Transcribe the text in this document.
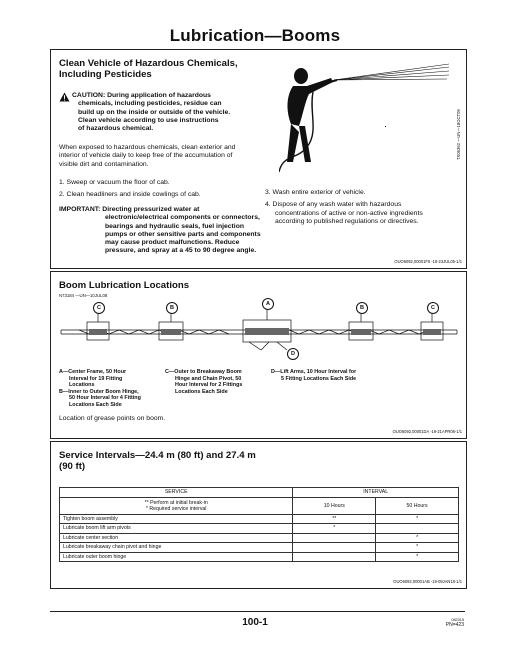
Lubrication—Booms
Clean Vehicle of Hazardous Chemicals,
Including Pesticides
CAUTION: During application of hazardous
chemicals, including pesticides, residue can
build up on the inside or outside of the vehicle.
Clean vehicle according to use instructions
of hazardous chemical.
When exposed to hazardous chemicals, clean exterior and
interior of vehicle daily to keep free of the accumulation of
visible dirt and contamination.
TX06362 —UN—18OCT09
1. Sweep or vacuum the floor of cab.
2. Clean headliners and inside cowlings of cab.
IMPORTANT: Directing pressurized water at
electronic/electrical components or connectors,
bearings and hydraulic seals, fuel injection
pumps or other sensitive parts and components
may cause product malfunctions. Reduce
pressure, and spray at a 45 to 90 degree angle.
3. Wash entire exterior of vehicle.
4. Dispose of any wash water with hazardous
concentrations of active or non-active ingredients
according to published regulations or directives.
OUO6092,00001F5 -19-23JUL05-1/1
Boom Lubrication Locations
N73184 —UN—10JUL08
C	B
A
B	C
D
A—Center Frame, 50 Hour
Interval for 19 Fitting
Locations
B—Inner to Outer Boom Hinge,
50 Hour Interval for 4 Fitting
Locations Each Side
C—Outer to Breakaway Boom
Hinge and Chain Pivot, 50
Hour Interval for 2 Fittings
Locations Each Side
D—Lift Arms, 10 Hour Interval for
5 Fitting Locations Each Side
Location of grease points on boom.
OUO6092,00001DA -19-21APR08-1/1
Service Intervals—24.4 m (80 ft) and 27.4 m
(90 ft)
SERVICE	INTERVAL	

** Perform at initial break-in
* Required service interval	10 Hours	50 Hours
Tighten boom assembly	**	*
Lubricate boom lift arm pivots	*	
Lubricate center section		*
Lubricate breakaway chain pivot and hinge		*
Lubricate outer boom hinge		*
OUO6092,00001AB -19-09JAN18-1/1
100-1	082315
PN=423
